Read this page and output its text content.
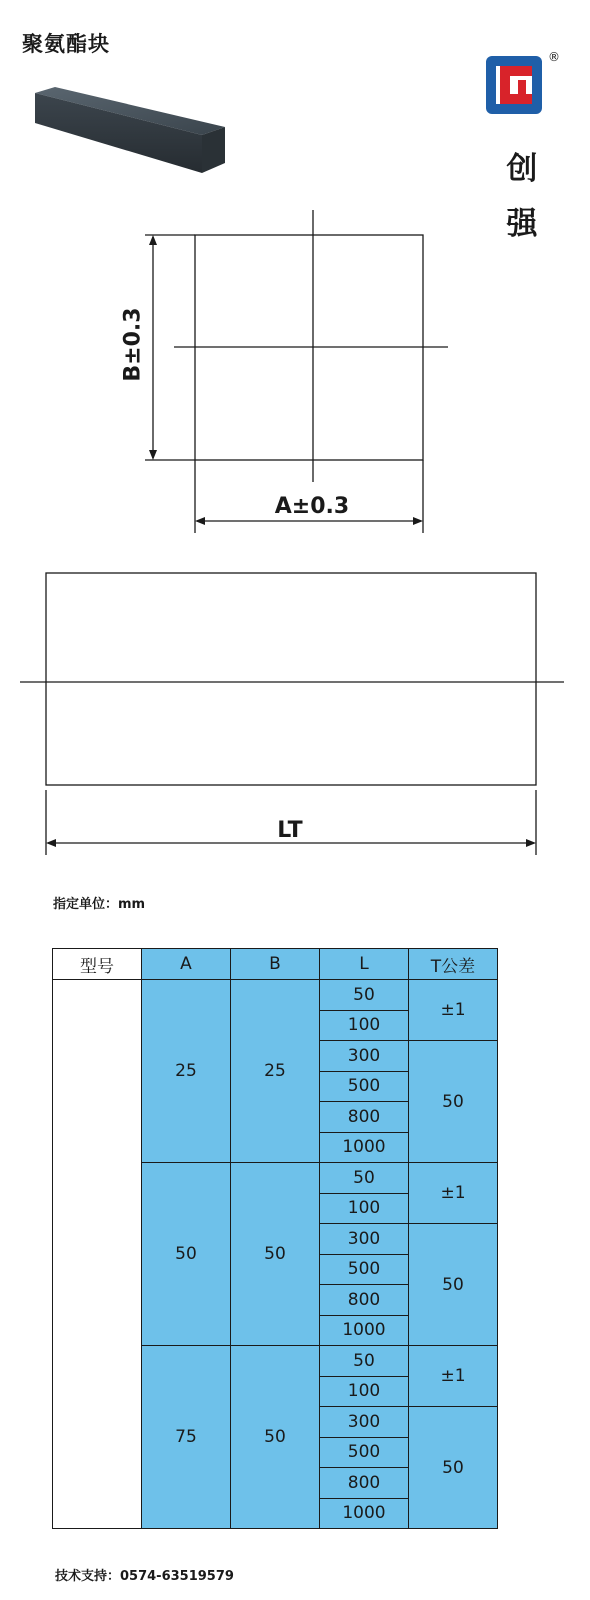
聚氨酯块
®
创
强
B±0.3
A±0.3
LT
指定单位：mm
型号	A	B	L	T公差
	25	25	50	±1
			100	
			300	50
			500	
			800	
			1000	
	50	50	50	±1
			100	
			300	50
			500	
			800	
			1000	
	75	50	50	±1
			100	
			300	50
			500	
			800	
			1000	
技术支持：0574-63519579
